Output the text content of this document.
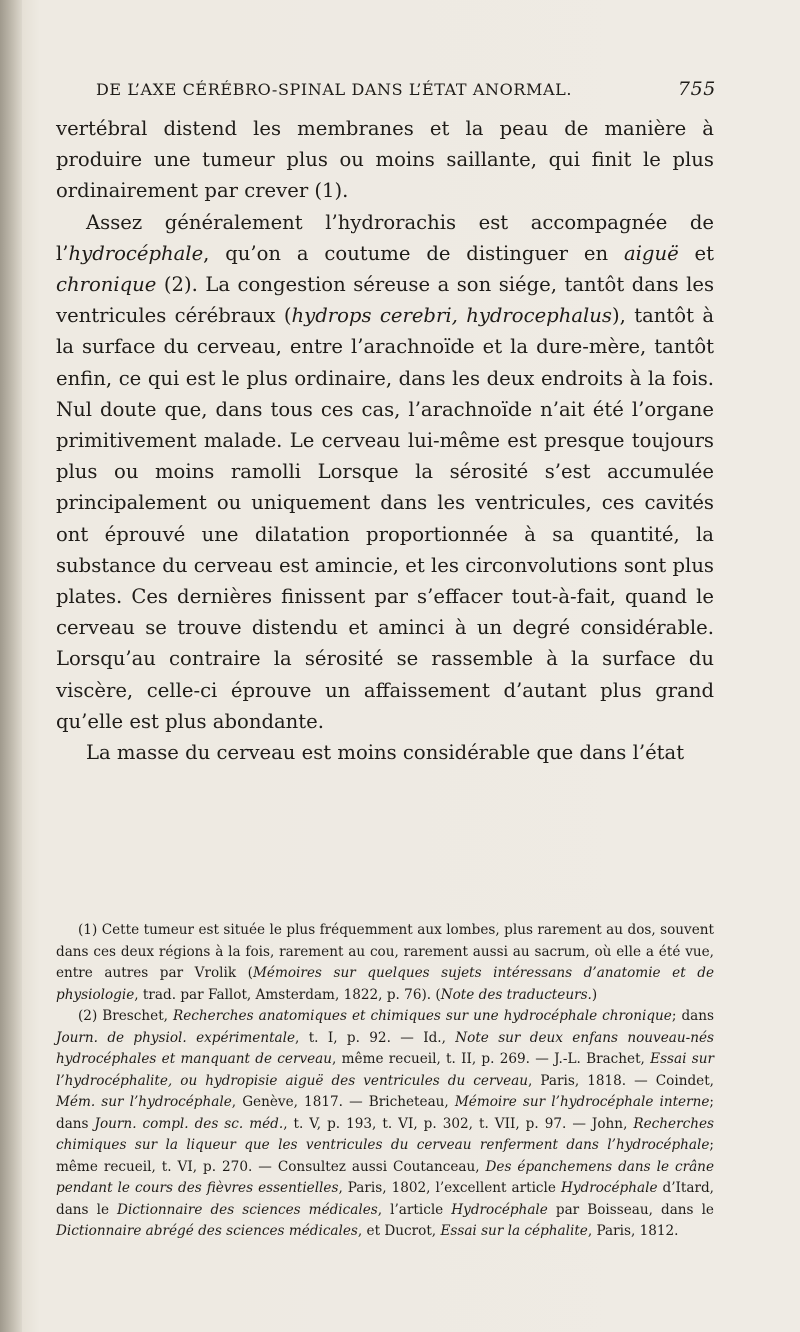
DE L’AXE CÉRÉBRO-SPINAL DANS L’ÉTAT ANORMAL.	755

vertébral distend les membranes et la peau de manière à produire une tumeur plus ou moins saillante, qui finit le plus ordinairement par crever (1).

Assez généralement l’hydrorachis est accompagnée de l’hydrocéphale, qu’on a coutume de distinguer en aiguë et chronique (2). La congestion séreuse a son siége, tantôt dans les ventricules cérébraux (hydrops cerebri, hydrocephalus), tantôt à la surface du cerveau, entre l’arachnoïde et la dure-mère, tantôt enfin, ce qui est le plus ordinaire, dans les deux endroits à la fois. Nul doute que, dans tous ces cas, l’arachnoïde n’ait été l’organe primitivement malade. Le cerveau lui-même est presque toujours plus ou moins ramolli Lorsque la sérosité s’est accumulée principalement ou uniquement dans les ventricules, ces cavités ont éprouvé une dilatation proportionnée à sa quantité, la substance du cerveau est amincie, et les circonvolutions sont plus plates. Ces dernières finissent par s’effacer tout-à-fait, quand le cerveau se trouve distendu et aminci à un degré considérable. Lorsqu’au contraire la sérosité se rassemble à la surface du viscère, celle-ci éprouve un affaissement d’autant plus grand qu’elle est plus abondante.

La masse du cerveau est moins considérable que dans l’état

(1) Cette tumeur est située le plus fréquemment aux lombes, plus rarement au dos, souvent dans ces deux régions à la fois, rarement au cou, rarement aussi au sacrum, où elle a été vue, entre autres par Vrolik (Mémoires sur quelques sujets intéressans d’anatomie et de physiologie, trad. par Fallot, Amsterdam, 1822, p. 76). (Note des traducteurs.)

(2) Breschet, Recherches anatomiques et chimiques sur une hydrocéphale chronique; dans Journ. de physiol. expérimentale, t. I, p. 92. — Id., Note sur deux enfans nouveau-nés hydrocéphales et manquant de cerveau, même recueil, t. II, p. 269. — J.-L. Brachet, Essai sur l’hydrocéphalite, ou hydropisie aiguë des ventricules du cerveau, Paris, 1818. — Coindet, Mém. sur l’hydrocéphale, Genève, 1817. — Bricheteau, Mémoire sur l’hydrocéphale interne; dans Journ. compl. des sc. méd., t. V, p. 193, t. VI, p. 302, t. VII, p. 97. — John, Recherches chimiques sur la liqueur que les ventricules du cerveau renferment dans l’hydrocéphale; même recueil, t. VI, p. 270. — Consultez aussi Coutanceau, Des épanchemens dans le crâne pendant le cours des fièvres essentielles, Paris, 1802, l’excellent article Hydrocéphale d’Itard, dans le Dictionnaire des sciences médicales, l’article Hydrocéphale par Boisseau, dans le Dictionnaire abrégé des sciences médicales, et Ducrot, Essai sur la céphalite, Paris, 1812.
